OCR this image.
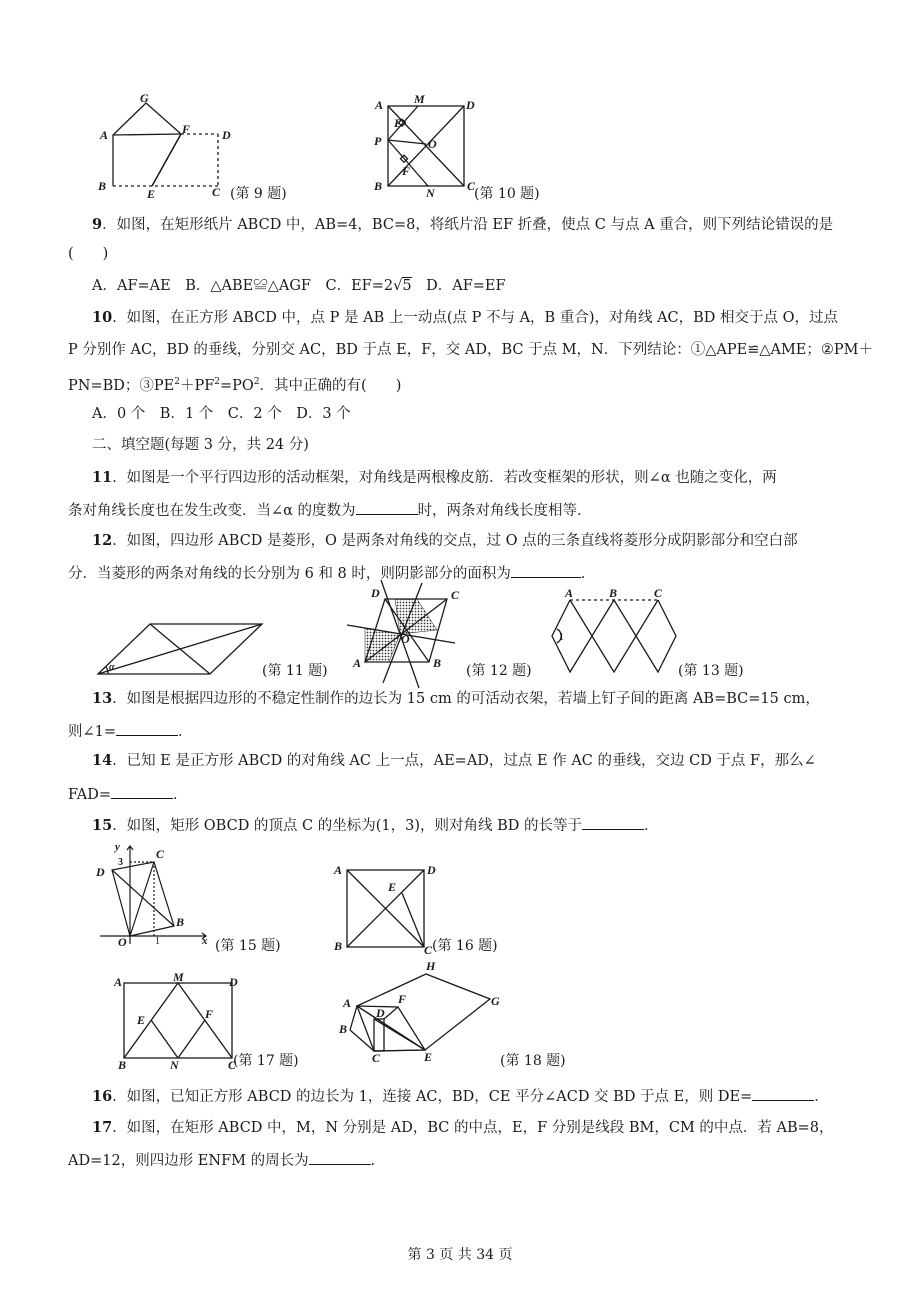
G
A	F	D
B
E	C (第 9 题)
A	M	D
E
P	O
F
B	N	C
(第 10 题)
9．如图，在矩形纸片 ABCD 中，AB=4，BC=8，将纸片沿 EF 折叠，使点 C 与点 A 重合，则下列结论错误的是
(　　)
A．AF=AE　B．△ABE≌△AGF　C．EF=2√5　D．AF=EF
10．如图，在正方形 ABCD 中，点 P 是 AB 上一动点(点 P 不与 A，B 重合)，对角线 AC，BD 相交于点 O，过点
P 分别作 AC，BD 的垂线，分别交 AC，BD 于点 E，F，交 AD，BC 于点 M，N．下列结论：①△APE≌△AME；②PM＋
PN=BD；$③PE^2+PF^2=PO^2$．其中正确的有(　　)
A．0 个　B．1 个　C．2 个　D．3 个
二、填空题(每题 3 分，共 24 分)
11．如图是一个平行四边形的活动框架，对角线是两根橡皮筋．若改变框架的形状，则∠α 也随之变化，两
条对角线长度也在发生改变．当∠α 的度数为	时，两条对角线长度相等．
12．如图，四边形 ABCD 是菱形，O 是两条对角线的交点，过 O 点的三条直线将菱形分成阴影部分和空白部
分．当菱形的两条对角线的长分别为 6 和 8 时，则阴影部分的面积为	．
α	(第 11 题)
D	C
O
A	B (第 12 题)
A	B	C
1
(第 13 题)
13．如图是根据四边形的不稳定性制作的边长为 15 cm 的可活动衣架，若墙上钉子间的距离 AB=BC=15 cm，
则∠1=	．
14．已知 E 是正方形 ABCD 的对角线 AC 上一点，AE=AD，过点 E 作 AC 的垂线，交边 CD 于点 F，那么∠
FAD=	．
15．如图，矩形 OBCD 的顶点 C 的坐标为(1，3)，则对角线 BD 的长等于	．
y
3
C
D
B
O	1	x (第 15 题)
A	D
E
B	C (第 16 题)
A	M	D
E	F
B	N	C
(第 17 题)
H
F
A
D
G
B
C	E	(第 18 题)
16．如图，已知正方形 ABCD 的边长为 1，连接 AC，BD，CE 平分∠ACD 交 BD 于点 E，则 DE=	．
17．如图，在矩形 ABCD 中，M，N 分别是 AD，BC 的中点，E，F 分别是线段 BM，CM 的中点．若 AB=8，
AD=12，则四边形 ENFM 的周长为	．
第 3 页 共 34 页
